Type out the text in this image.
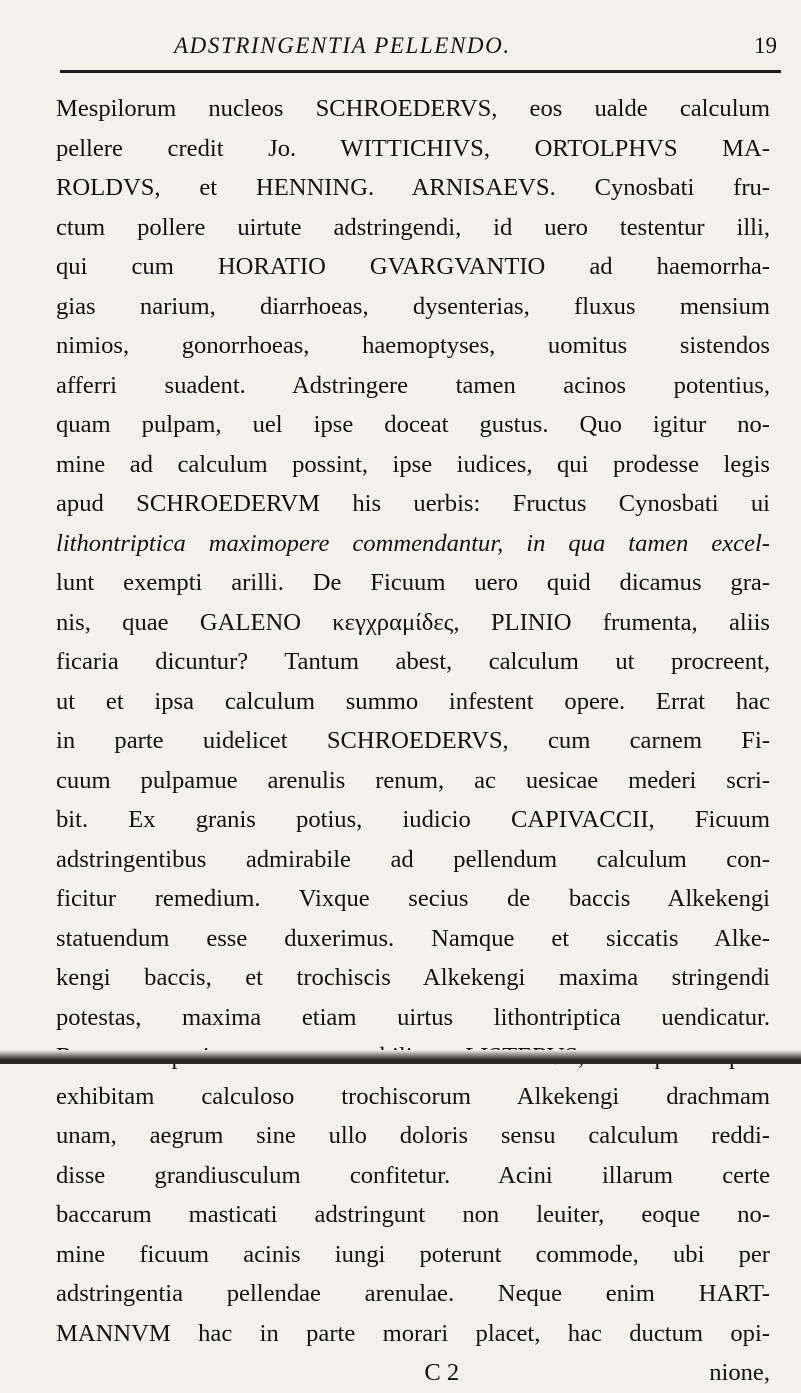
ADSTRINGENTIA PELLENDO.	19
Mespilorum nucleos SCHROEDERVS, eos ualde calculum
pellere credit Jo. WITTICHIVS, ORTOLPHVS MA-
ROLDVS, et HENNING. ARNISAEVS. Cynosbati fru-
ctum pollere uirtute adstringendi, id uero testentur illi,
qui cum HORATIO GVARGVANTIO ad haemorrha-
gias narium, diarrhoeas, dysenterias, fluxus mensium
nimios, gonorrhoeas, haemoptyses, uomitus sistendos
afferri suadent. Adstringere tamen acinos potentius,
quam pulpam, uel ipse doceat gustus. Quo igitur no-
mine ad calculum possint, ipse iudices, qui prodesse legis
apud SCHROEDERVM his uerbis: Fructus Cynosbati ui
lithontriptica maximopere commendantur, in qua tamen excel-
lunt exempti arilli. De Ficuum uero quid dicamus gra-
nis, quae GALENO κεγχραμίδες, PLINIO frumenta, aliis
ficaria dicuntur? Tantum abest, calculum ut procreent,
ut et ipsa calculum summo infestent opere. Errat hac
in parte uidelicet SCHROEDERVS, cum carnem Fi-
cuum pulpamue arenulis renum, ac uesicae mederi scri-
bit. Ex granis potius, iudicio CAPIVACCII, Ficuum
adstringentibus admirabile ad pellendum calculum con-
ficitur remedium. Vixque secius de baccis Alkekengi
statuendum esse duxerimus. Namque et siccatis Alke-
kengi baccis, et trochiscis Alkekengi maxima stringendi
potestas, maxima etiam uirtus lithontriptica uendicatur.
exhibitam calculoso trochiscorum Alkekengi drachmam
unam, aegrum sine ullo doloris sensu calculum reddi-
disse grandiusculum confitetur. Acini illarum certe
baccarum masticati adstringunt non leuiter, eoque no-
mine ficuum acinis iungi poterunt commode, ubi per
adstringentia pellendae arenulae. Neque enim HART-
MANNVM hac in parte morari placet, hac ductum opi-
C 2	nione,
